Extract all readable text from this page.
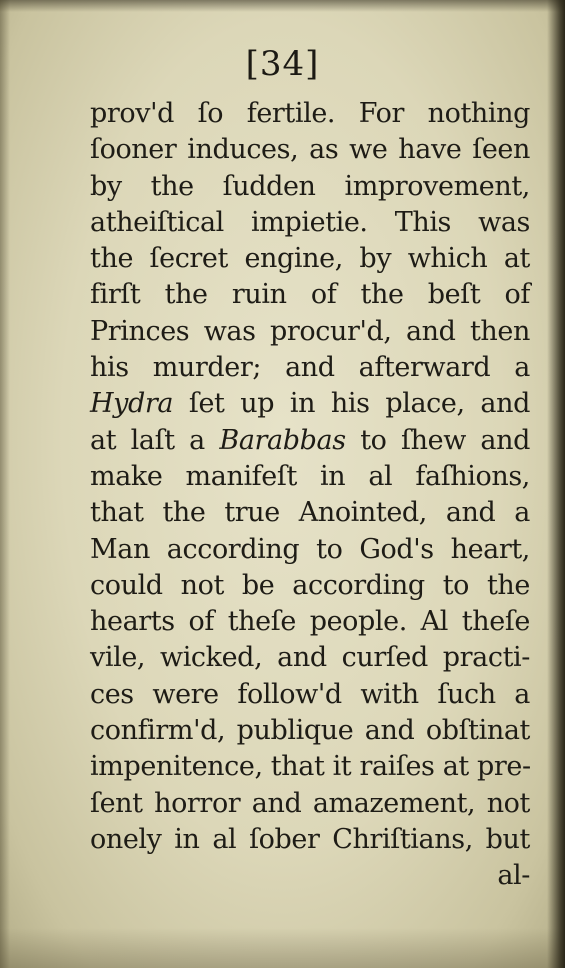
[34]
prov'd ſo fertile. For nothing
ſooner induces, as we have ſeen
by the ſudden improvement,
atheiſtical impietie. This was
the ſecret engine, by which at
firſt the ruin of the beſt of
Princes was procur'd, and then
his murder; and afterward a
Hydra ſet up in his place, and
at laſt a Barabbas to ſhew and
make manifeſt in al faſhions,
that the true Anointed, and a
Man according to God's heart,
could not be according to the
hearts of theſe people. Al theſe
vile, wicked, and curſed practi-
ces were follow'd with ſuch a
confirm'd, publique and obſtinat
impenitence, that it raiſes at pre-
ſent horror and amazement, not
onely in al ſober Chriſtians, but
al-
